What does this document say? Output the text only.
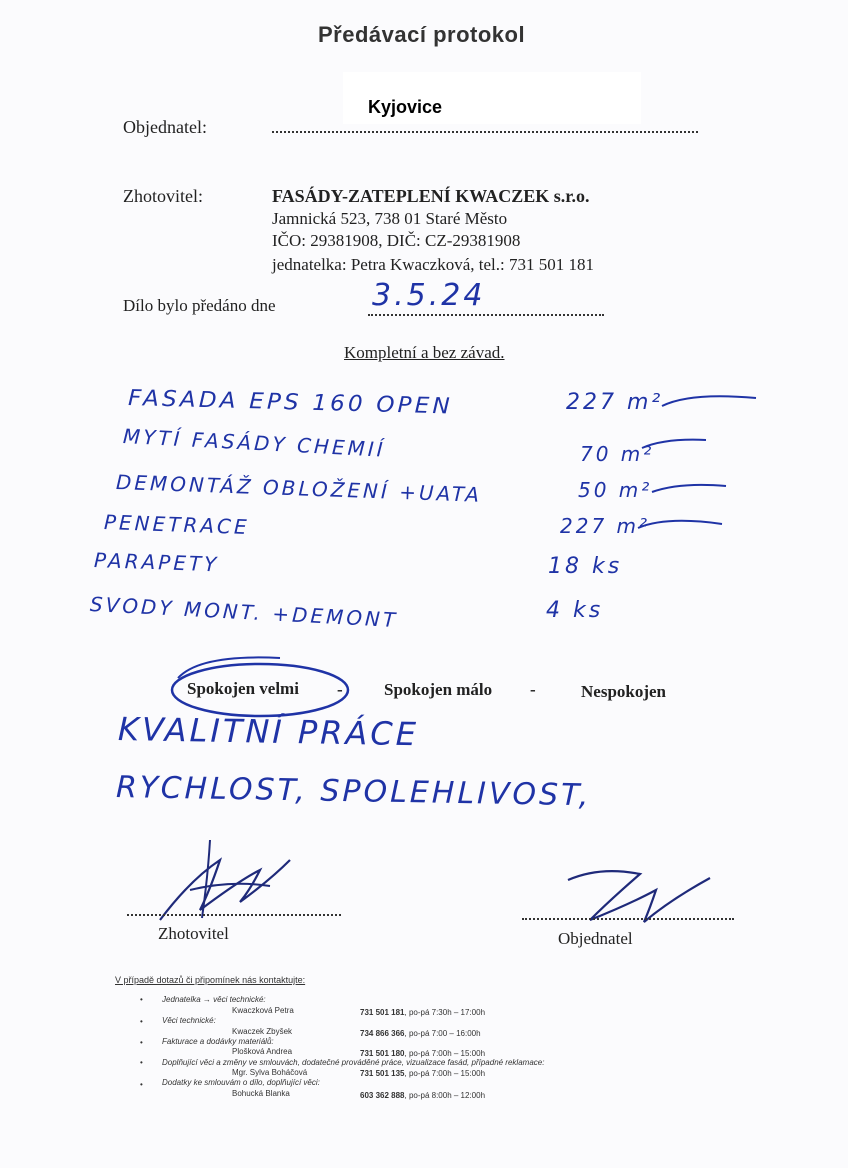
Předávací protokol
Objednatel:
Kyjovice
Zhotovitel:	FASÁDY-ZATEPLENÍ KWACZEK s.r.o.
Jamnická 523, 738 01 Staré Město
IČO: 29381908, DIČ: CZ-29381908
jednatelka: Petra Kwaczková, tel.: 731 501 181
Dílo bylo předáno dne	3.5.24
Kompletní a bez závad.
FASADA EPS 160 OPEN	227 m²
MYTÍ FASÁDY CHEMIÍ	70 m²
DEMONTÁŽ OBLOŽENÍ +UATA	50 m²
PENETRACE	227 m²
PARAPETY	18 ks
SVODY MONT. +DEMONT	4 ks
Spokojen velmi - Spokojen málo -	Nespokojen
KVALITNÍ PRÁCE
RYCHLOST, SPOLEHLIVOST,
Zhotovitel	Objednatel
V případě dotazů či připomínek nás kontaktujte:
• Jednatelka → věci technické:
Kwaczková Petra	731 501 181, po-pá 7:30h – 17:00h
• Věci technické:
Kwaczek Zbyšek	734 866 366, po-pá 7:00 – 16:00h
• Fakturace a dodávky materiálů:
Plošková Andrea	731 501 180, po-pá 7:00h – 15:00h
• Doplňující věci a změny ve smlouvách, dodatečné prováděné práce, vizualizace fasád, případné reklamace:
Mgr. Sylva Boháčová	731 501 135, po-pá 7:00h – 15:00h
• Dodatky ke smlouvám o dílo, doplňující věci:
Bohucká Blanka	603 362 888, po-pá 8:00h – 12:00h
